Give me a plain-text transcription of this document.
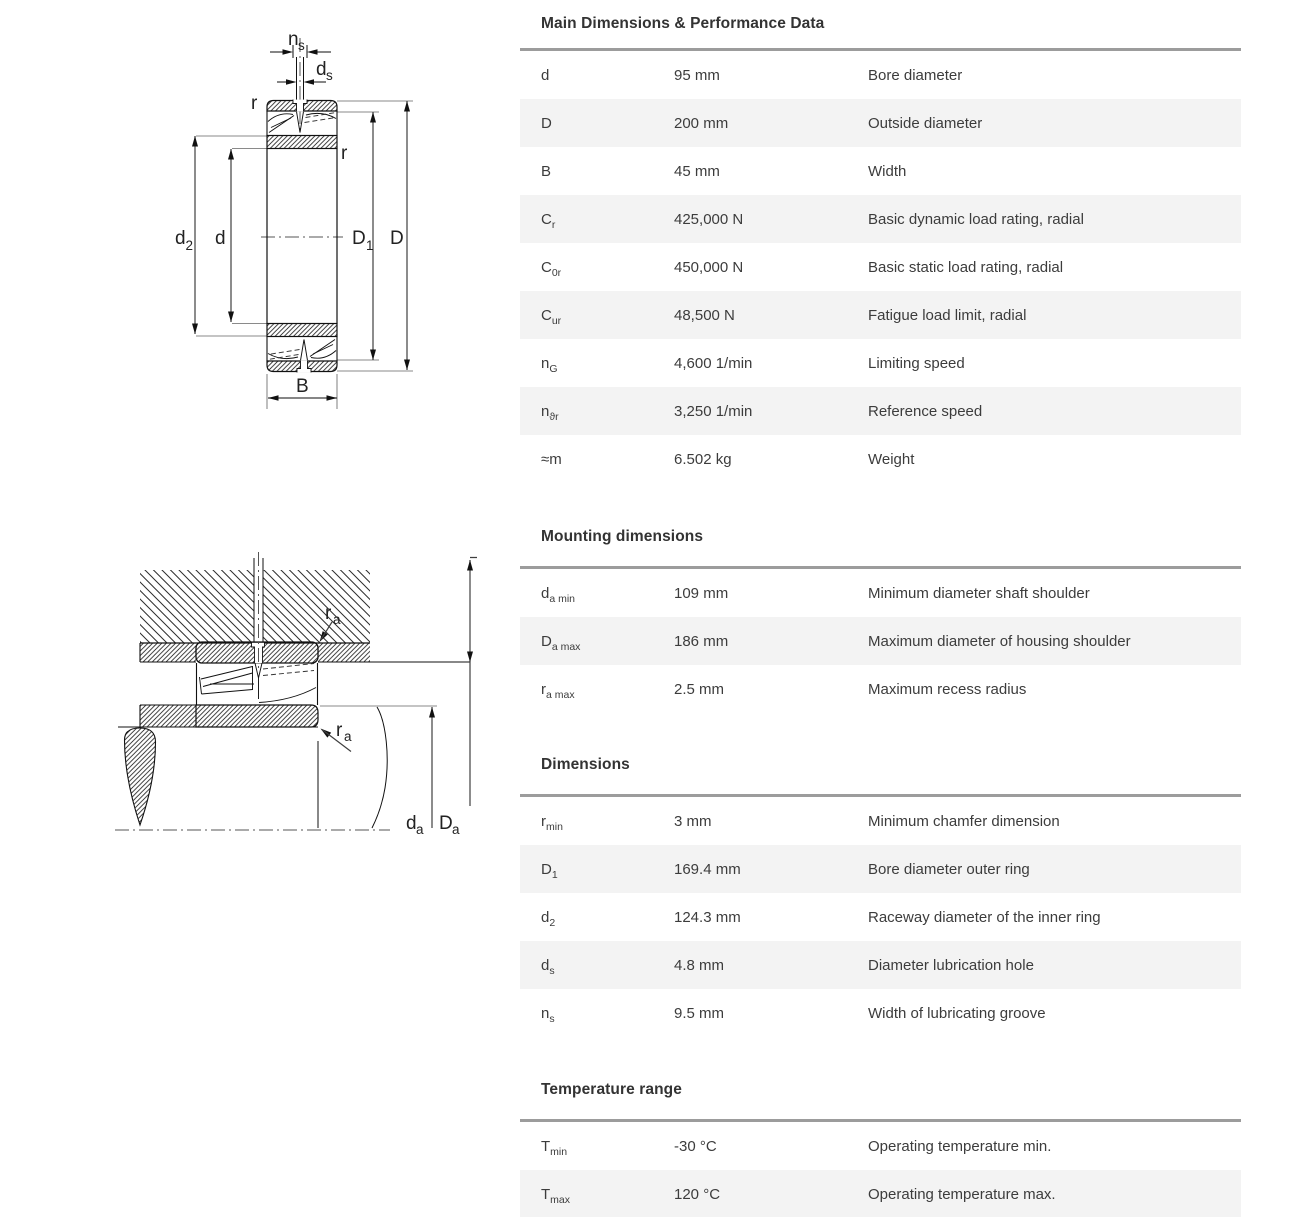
n s
d s
r
r
d 2 d	D 1 D
B
r a
r a
d a D a
Main Dimensions & Performance Data
d	95 mm	Bore diameter
D	200 mm	Outside diameter
B	45 mm	Width
$C_r$	425,000 N	Basic dynamic load rating, radial
$C_{0r}$	450,000 N	Basic static load rating, radial
$C_{ur}$	48,500 N	Fatigue load limit, radial
$n_G$	4,600 1/min	Limiting speed
$n_{ϑr}$	3,250 1/min	Reference speed
≈m	6.502 kg	Weight
Mounting dimensions
$d_{a min}$	109 mm	Minimum diameter shaft shoulder
$D_{a max}$	186 mm	Maximum diameter of housing shoulder
$r_{a max}$	2.5 mm	Maximum recess radius
Dimensions
$r_{min}$	3 mm	Minimum chamfer dimension
$D_1$	169.4 mm	Bore diameter outer ring
$d_2$	124.3 mm	Raceway diameter of the inner ring
$d_s$	4.8 mm	Diameter lubrication hole
$n_s$	9.5 mm	Width of lubricating groove
Temperature range
$T_{min}$	-30 °C	Operating temperature min.
$T_{max}$	120 °C	Operating temperature max.
